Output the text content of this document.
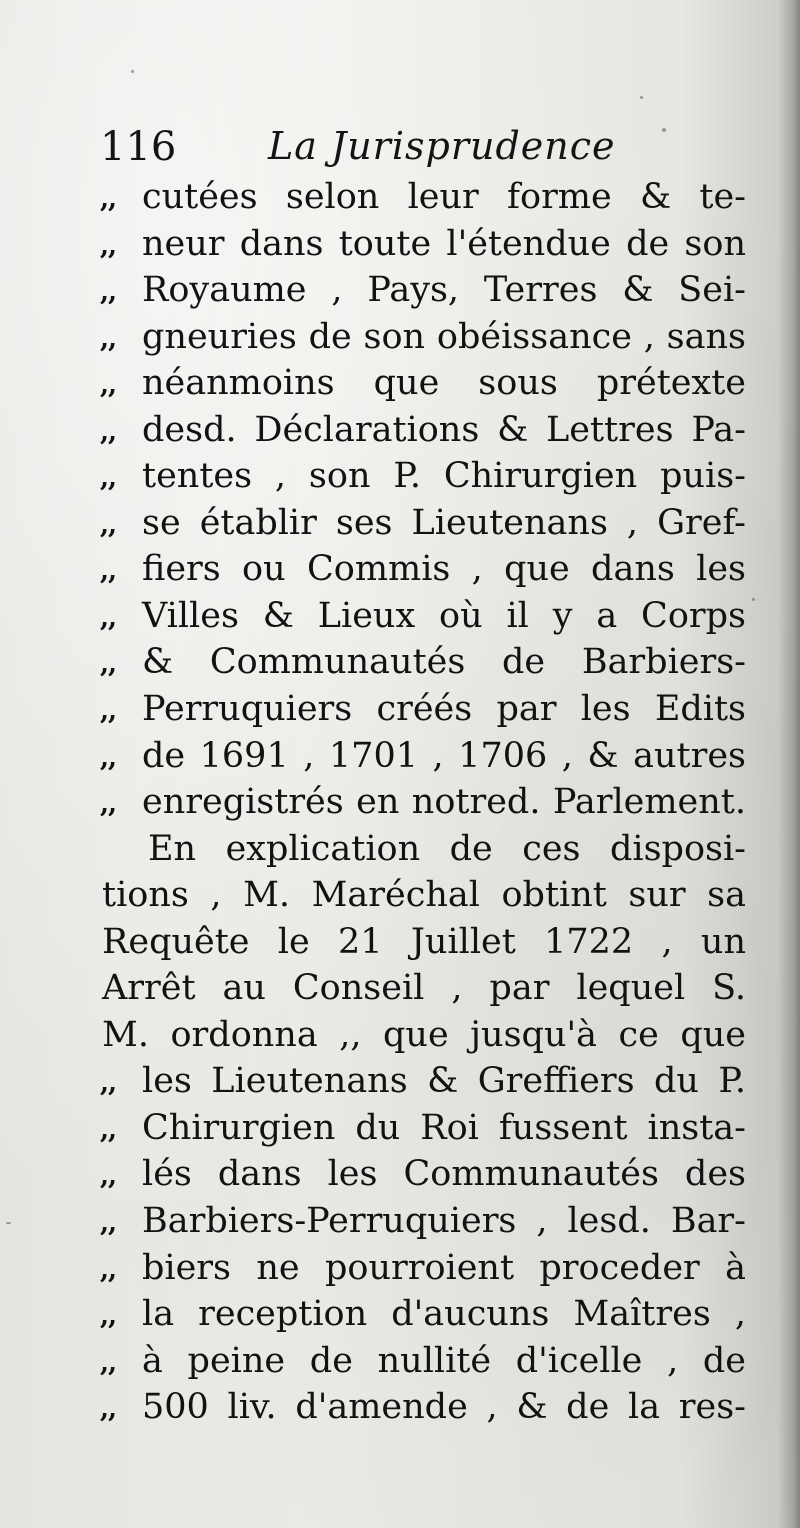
116 La Jurisprudence
,, cutées selon leur forme & te-
,, neur dans toute l'étendue de son
,, Royaume , Pays, Terres & Sei-
,, gneuries de son obéissance , sans
,, néanmoins que sous prétexte
,, desd. Déclarations & Lettres Pa-
,, tentes , son P. Chirurgien puis-
,, se établir ses Lieutenans , Gref-
,, fiers ou Commis , que dans les
,, Villes & Lieux où il y a Corps
,, & Communautés de Barbiers-
,, Perruquiers créés par les Edits
,, de 1691 , 1701 , 1706 , & autres
,, enregistrés en notred. Parlement.
En explication de ces disposi-
tions , M. Maréchal obtint sur sa
Requête le 21 Juillet 1722 , un
Arrêt au Conseil , par lequel S.
M. ordonna ,, que jusqu'à ce que
,, les Lieutenans & Greffiers du P.
,, Chirurgien du Roi fussent insta-
,, lés dans les Communautés des
,, Barbiers-Perruquiers , lesd. Bar-
,, biers ne pourroient proceder à
,, la reception d'aucuns Maîtres ,
,, à peine de nullité d'icelle , de
,, 500 liv. d'amende , & de la res-
